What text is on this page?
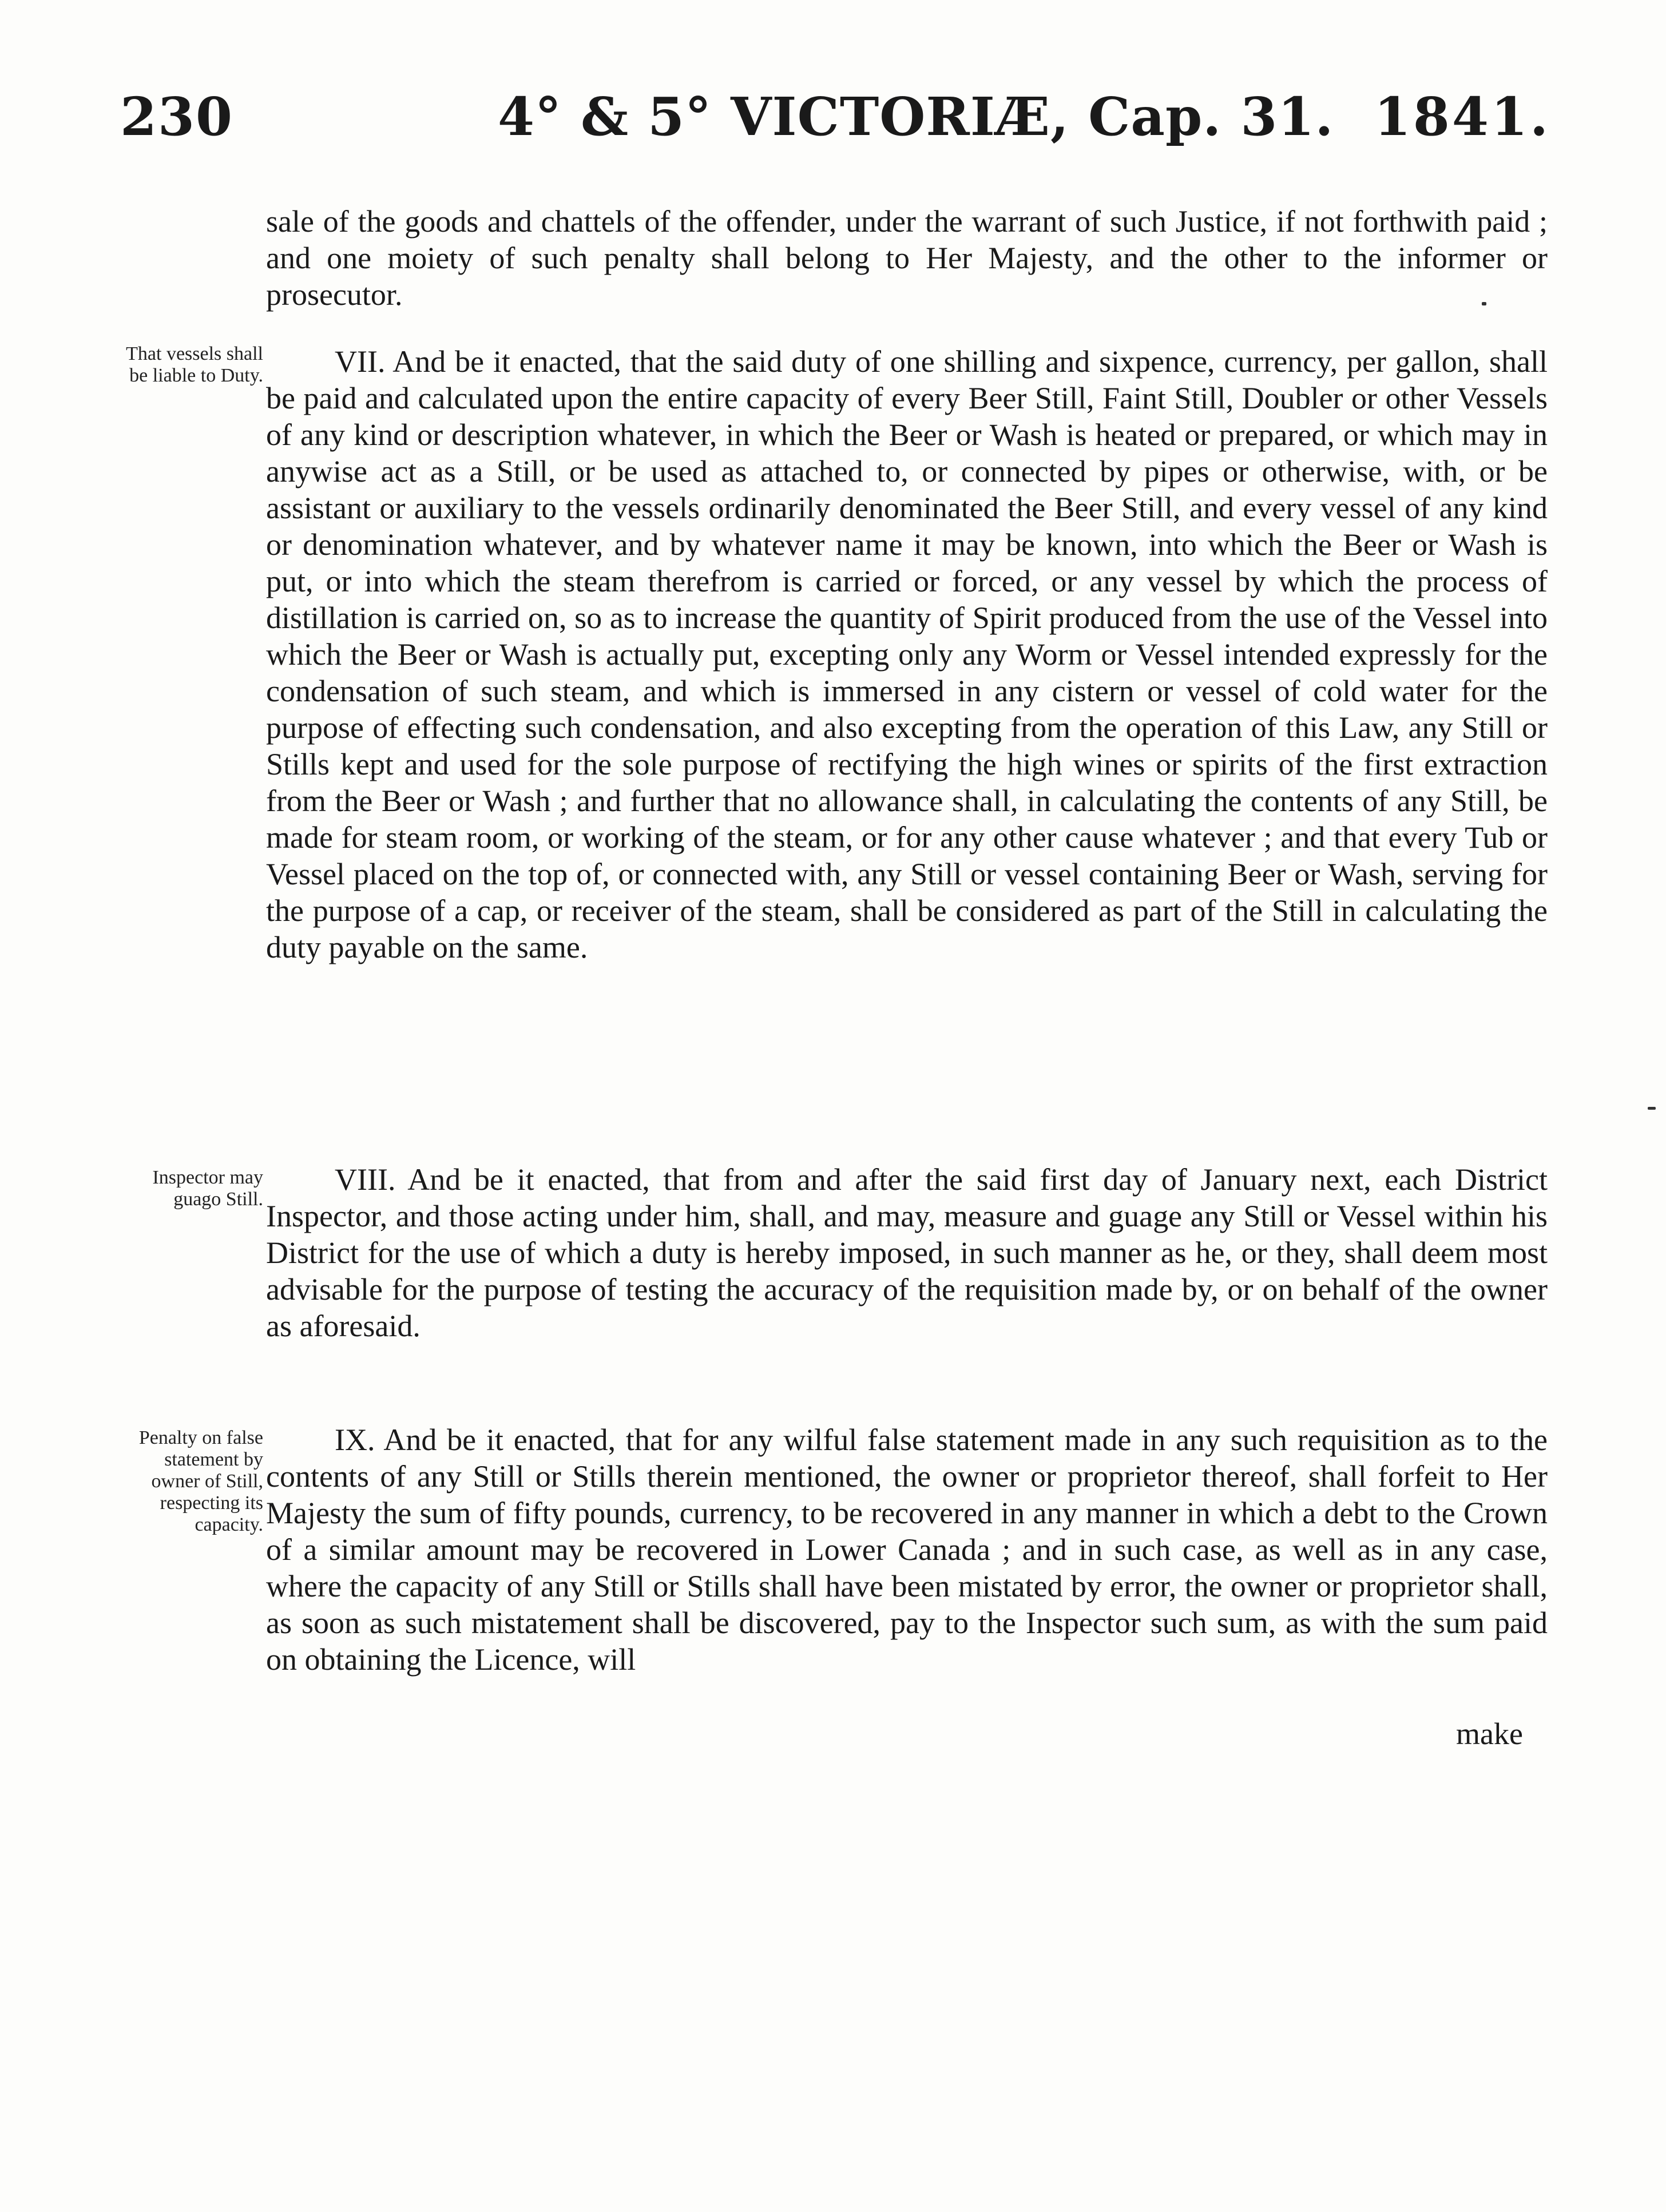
230	4° & 5° VICTORIÆ, Cap. 31. 1841.

sale of the goods and chattels of the offender, under the warrant of such Justice, if not forthwith paid ; and one moiety of such penalty shall belong to Her Majesty, and the other to the informer or prosecutor.

That vessels shall be liable to Duty.	VII. And be it enacted, that the said duty of one shilling and sixpence, currency, per gallon, shall be paid and calculated upon the entire capacity of every Beer Still, Faint Still, Doubler or other Vessels of any kind or description whatever, in which the Beer or Wash is heated or prepared, or which may in anywise act as a Still, or be used as attached to, or connected by pipes or otherwise, with, or be assistant or auxiliary to the vessels ordinarily denominated the Beer Still, and every vessel of any kind or denomination whatever, and by whatever name it may be known, into which the Beer or Wash is put, or into which the steam therefrom is carried or forced, or any vessel by which the process of distillation is carried on, so as to increase the quantity of Spirit produced from the use of the Vessel into which the Beer or Wash is actually put, excepting only any Worm or Vessel intended expressly for the condensation of such steam, and which is immersed in any cistern or vessel of cold water for the purpose of effecting such condensation, and also excepting from the operation of this Law, any Still or Stills kept and used for the sole purpose of rectifying the high wines or spirits of the first extraction from the Beer or Wash ; and further that no allowance shall, in calculating the contents of any Still, be made for steam room, or working of the steam, or for any other cause whatever ; and that every Tub or Vessel placed on the top of, or connected with, any Still or vessel containing Beer or Wash, serving for the purpose of a cap, or receiver of the steam, shall be considered as part of the Still in calculating the duty payable on the same.

Inspector may guago Still.

VIII. And be it enacted, that from and after the said first day of January next, each District Inspector, and those acting under him, shall, and may, measure and guage any Still or Vessel within his District for the use of which a duty is hereby imposed, in such manner as he, or they, shall deem most advisable for the purpose of testing the accuracy of the requisition made by, or on behalf of the owner as aforesaid.

Penalty on false statement by owner of Still, respecting its capacity.

IX. And be it enacted, that for any wilful false statement made in any such requisition as to the contents of any Still or Stills therein mentioned, the owner or proprietor thereof, shall forfeit to Her Majesty the sum of fifty pounds, currency, to be recovered in any manner in which a debt to the Crown of a similar amount may be recovered in Lower Canada ; and in such case, as well as in any case, where the capacity of any Still or Stills shall have been mistated by error, the owner or proprietor shall, as soon as such mistatement shall be discovered, pay to the Inspector such sum, as with the sum paid on obtaining the Licence, will

make
